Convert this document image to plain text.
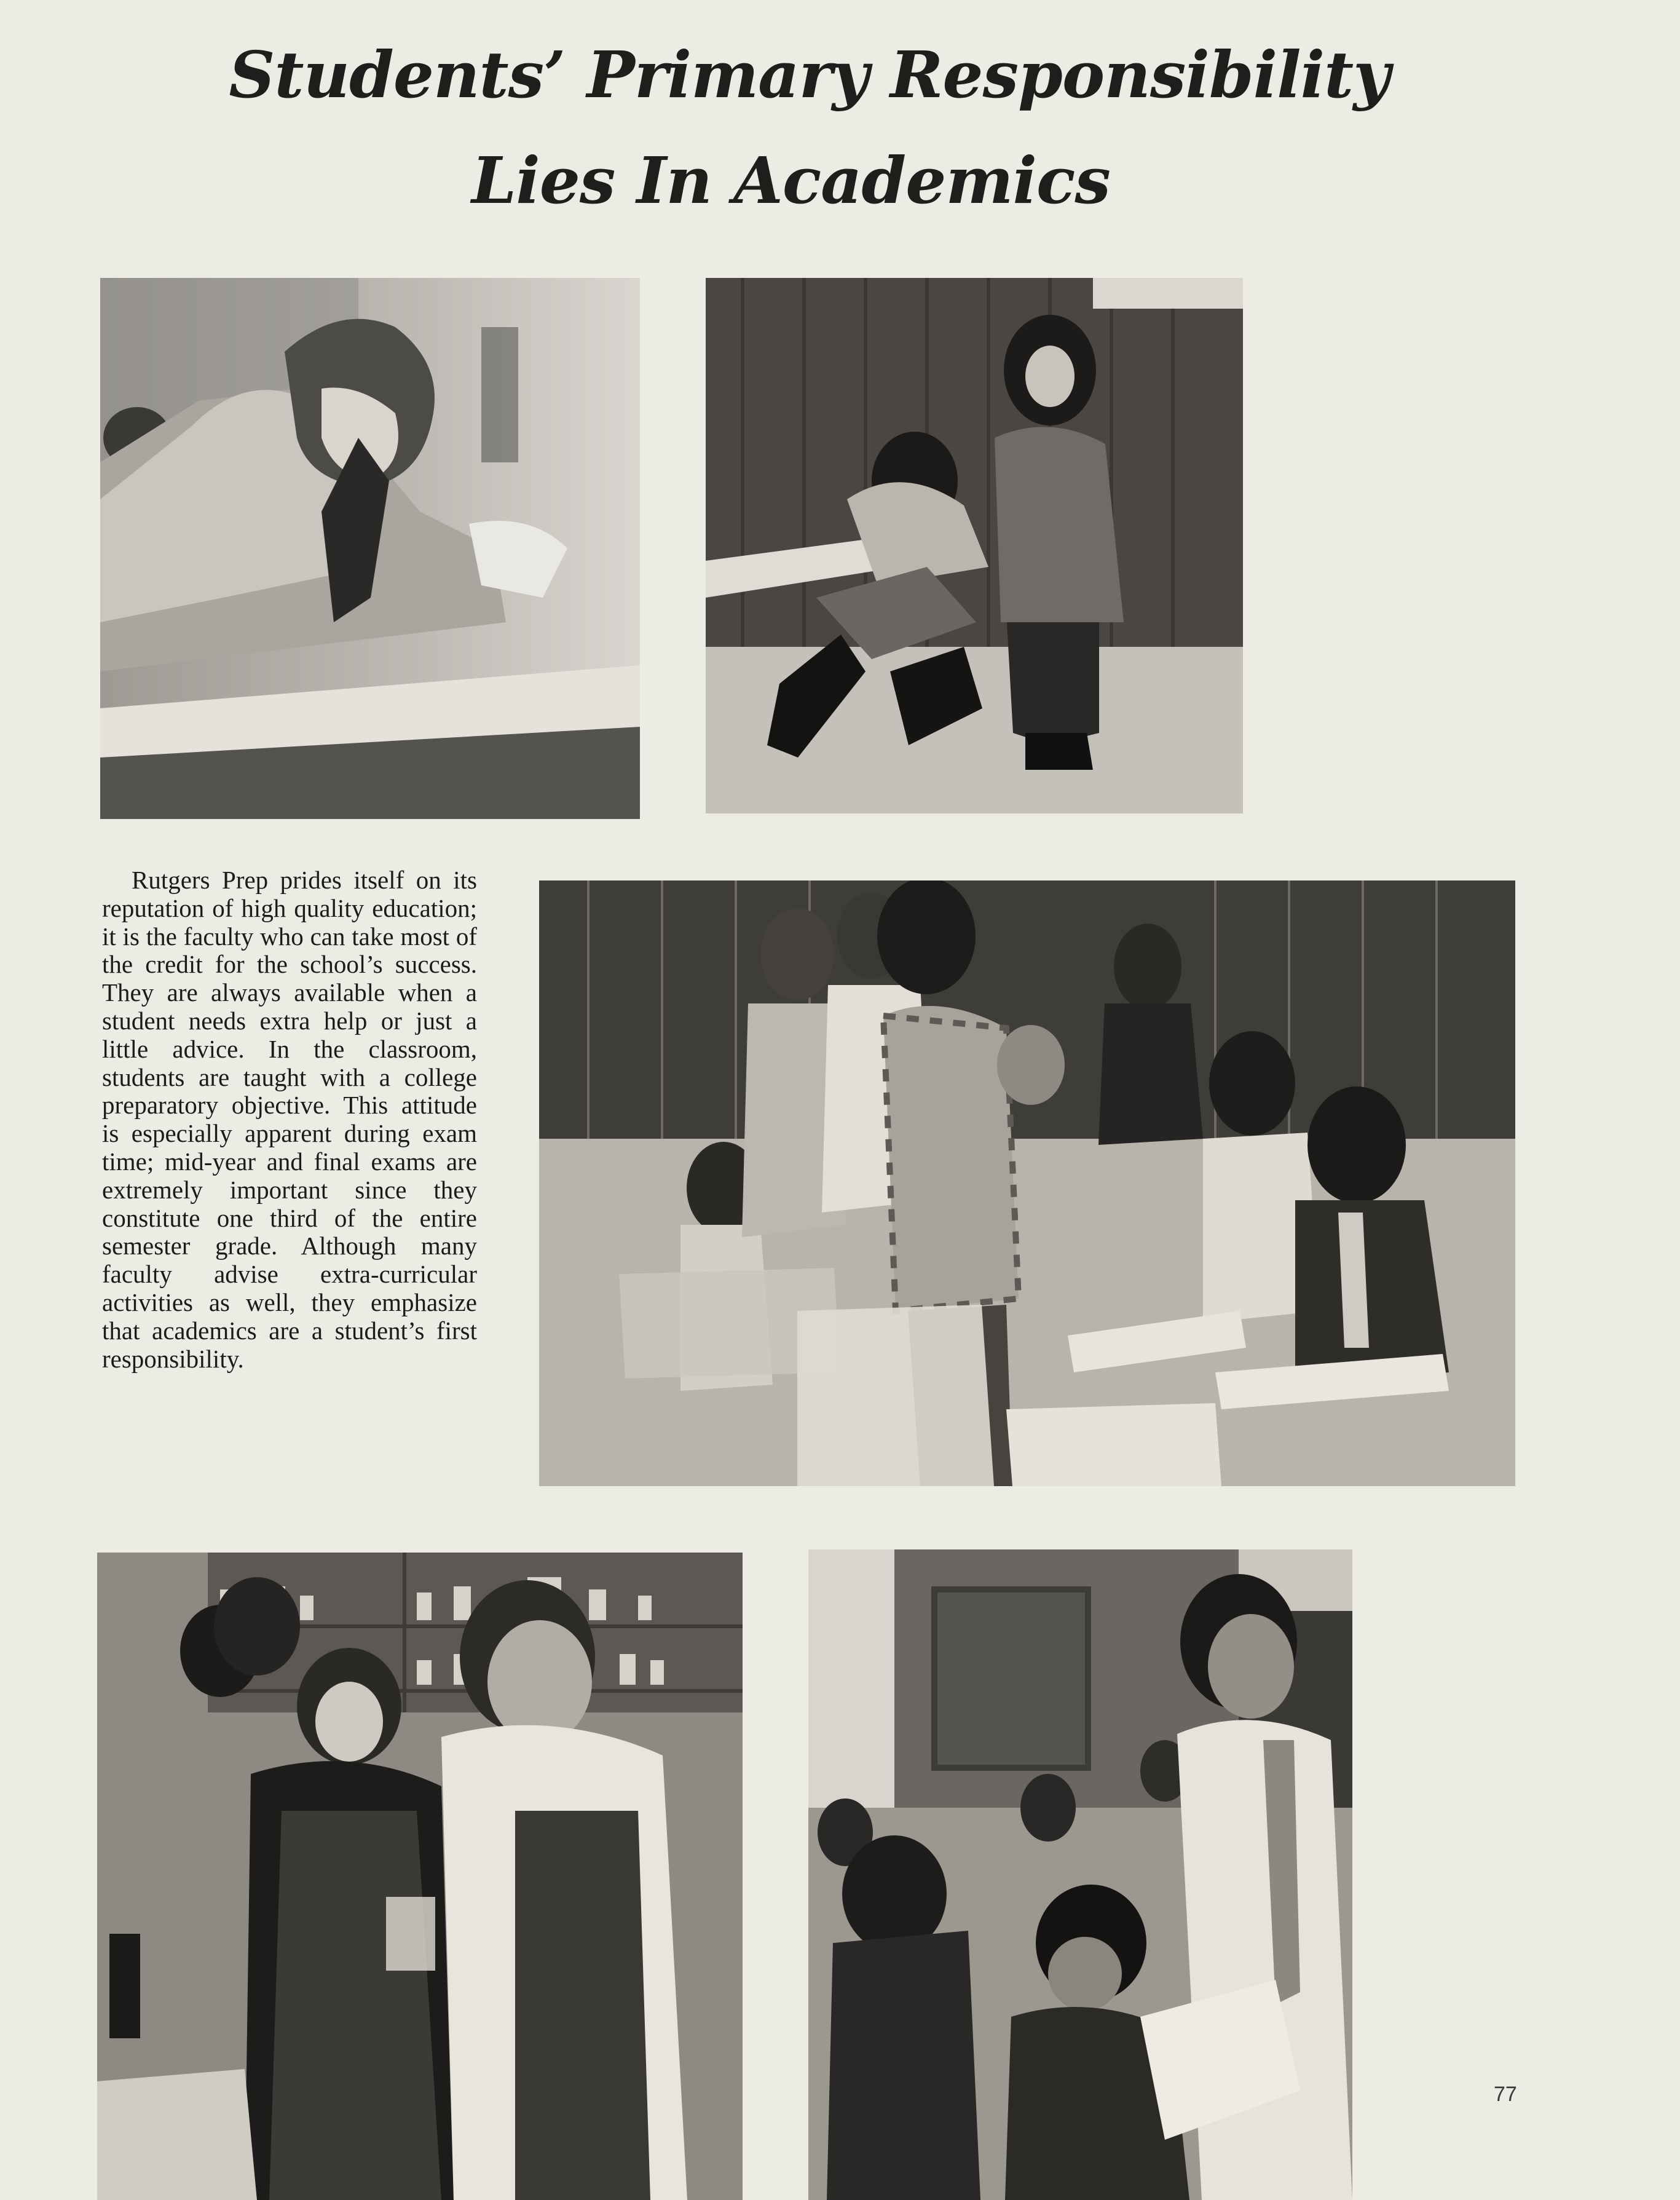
Students’ Primary Responsibility
Lies In Academics

Rutgers Prep prides itself on its reputation of high quality education; it is the faculty who can take most of the credit for the school’s success. They are always available when a student needs extra help or just a little advice. In the classroom, students are taught with a college preparatory objective. This attitude is especially apparent during exam time; mid-year and final exams are extremely important since they constitute one third of the entire semester grade. Although many faculty advise extra-curricular activities as well, they emphasize that academics are a student’s first responsibility.

77
